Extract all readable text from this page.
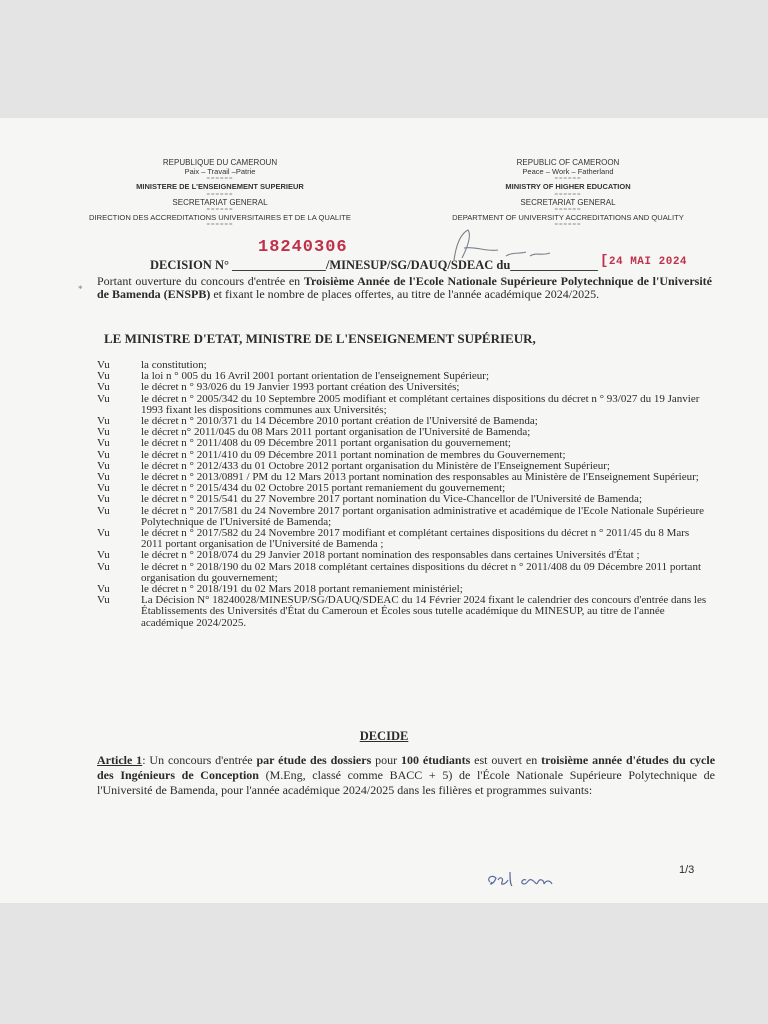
REPUBLIQUE DU CAMEROUN
Paix – Travail –Patrie
======
MINISTERE DE L'ENSEIGNEMENT SUPERIEUR
======
SECRETARIAT GENERAL
======
DIRECTION DES ACCREDITATIONS UNIVERSITAIRES ET DE LA QUALITE
======
REPUBLIC OF CAMEROON
Peace – Work – Fatherland
======
MINISTRY OF HIGHER EDUCATION
======
SECRETARIAT GENERAL
======
DEPARTMENT OF UNIVERSITY ACCREDITATIONS AND QUALITY
======
DECISION N° _______________/MINESUP/SG/DAUQ/SDEAC du______________
18240306
[24 MAI 2024
*
Portant ouverture du concours d'entrée en Troisième Année de l'Ecole Nationale Supérieure Polytechnique de l'Université de Bamenda (ENSPB) et fixant le nombre de places offertes, au titre de l'année académique 2024/2025.
LE MINISTRE D'ETAT, MINISTRE DE L'ENSEIGNEMENT SUPÉRIEUR,
Vu	la constitution;
Vu	la loi n ° 005 du 16 Avril 2001 portant orientation de l'enseignement Supérieur;
Vu	le décret n ° 93/026 du 19 Janvier 1993 portant création des Universités;
Vu	le décret n ° 2005/342 du 10 Septembre 2005 modifiant et complétant certaines dispositions du décret n ° 93/027 du 19 Janvier 1993 fixant les dispositions communes aux Universités;
Vu	le décret n ° 2010/371 du 14 Décembre 2010 portant création de l'Université de Bamenda;
Vu	le décret n° 2011/045 du 08 Mars 2011 portant organisation de l'Université de Bamenda;
Vu	le décret n ° 2011/408 du 09 Décembre 2011 portant organisation du gouvernement;
Vu	le décret n ° 2011/410 du 09 Décembre 2011 portant nomination de membres du Gouvernement;
Vu	le décret n ° 2012/433 du 01 Octobre 2012 portant organisation du Ministère de l'Enseignement Supérieur;
Vu	le décret n ° 2013/0891 / PM du 12 Mars 2013 portant nomination des responsables au Ministère de l'Enseignement Supérieur;
Vu	le décret n ° 2015/434 du 02 Octobre 2015 portant remaniement du gouvernement;
Vu	le décret n ° 2015/541 du 27 Novembre 2017 portant nomination du Vice-Chancellor de l'Université de Bamenda;
Vu	le décret n ° 2017/581 du 24 Novembre 2017 portant organisation administrative et académique de l'Ecole Nationale Supérieure Polytechnique de l'Université de Bamenda;
Vu	le décret n ° 2017/582 du 24 Novembre 2017 modifiant et complétant certaines dispositions du décret n ° 2011/45 du 8 Mars 2011 portant organisation de l'Université de Bamenda ;
Vu	le décret n ° 2018/074 du 29 Janvier 2018 portant nomination des responsables dans certaines Universités d'État ;
Vu	le décret n ° 2018/190 du 02 Mars 2018 complétant certaines dispositions du décret n ° 2011/408 du 09 Décembre 2011 portant organisation du gouvernement;
Vu	le décret n ° 2018/191 du 02 Mars 2018 portant remaniement ministériel;
Vu	La Décision N° 18240028/MINESUP/SG/DAUQ/SDEAC du 14 Février 2024 fixant le calendrier des concours d'entrée dans les Établissements des Universités d'État du Cameroun et Écoles sous tutelle académique du MINESUP, au titre de l'année académique 2024/2025.
DECIDE
Article 1: Un concours d'entrée par étude des dossiers pour 100 étudiants est ouvert en troisième année d'études du cycle des Ingénieurs de Conception (M.Eng, classé comme BACC + 5) de l'École Nationale Supérieure Polytechnique de l'Université de Bamenda, pour l'année académique 2024/2025 dans les filières et programmes suivants:
1/3
